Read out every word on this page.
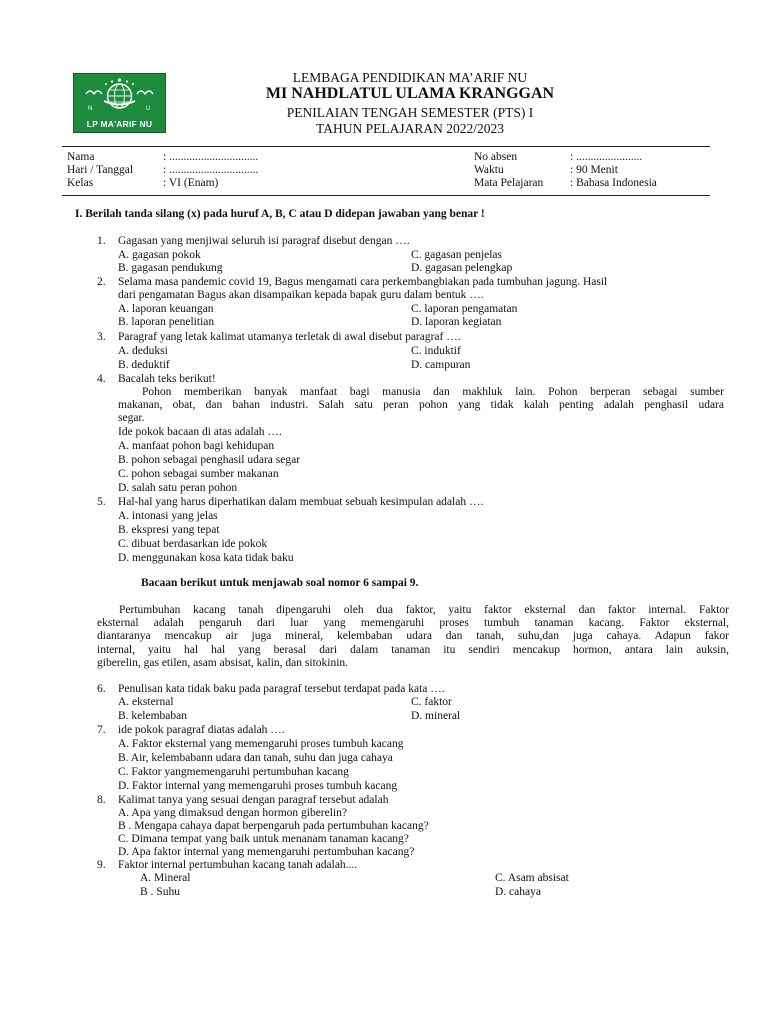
N	U
LP MA'ARIF NU
LEMBAGA PENDIDIKAN MA’ARIF NU
MI NAHDLATUL ULAMA KRANGGAN
PENILAIAN TENGAH SEMESTER (PTS) I
TAHUN PELAJARAN 2022/2023
Nama	: ...............................
Hari / Tanggal	: ...............................
Kelas	: VI (Enam)
No absen	: .......................
Waktu	: 90 Menit
Mata Pelajaran : Bahasa Indonesia
I. Berilah tanda silang (x) pada huruf A, B, C atau D didepan jawaban yang benar !
1. Gagasan yang menjiwai seluruh isi paragraf disebut dengan ….
A. gagasan pokok	C. gagasan penjelas
B. gagasan pendukung	D. gagasan pelengkap
2. Selama masa pandemic covid 19, Bagus mengamati cara perkembangbiakan pada tumbuhan jagung. Hasil
dari pengamatan Bagus akan disampaikan kepada bapak guru dalam bentuk ….
A. laporan keuangan	C. laporan pengamatan
B. laporan penelitian	D. laporan kegiatan
3. Paragraf yang letak kalimat utamanya terletak di awal disebut paragraf ….
A. deduksi	C. induktif
B. deduktif	D. campuran
4. Bacalah teks berikut!
Pohon memberikan banyak manfaat bagi manusia dan makhluk lain. Pohon berperan sebagai sumber
makanan, obat, dan bahan industri. Salah satu peran pohon yang tidak kalah penting adalah penghasil udara
segar.
Ide pokok bacaan di atas adalah ….
A. manfaat pohon bagi kehidupan
B. pohon sebagai penghasil udara segar
C. pohon sebagai sumber makanan
D. salah satu peran pohon
5. Hal-hal yang harus diperhatikan dalam membuat sebuah kesimpulan adalah ….
A. intonasi yang jelas
B. ekspresi yang tepat
C. dibuat berdasarkan ide pokok
D. menggunakan kosa kata tidak baku
Bacaan berikut untuk menjawab soal nomor 6 sampai 9.
Pertumbuhan kacang tanah dipengaruhi oleh dua faktor, yaitu faktor eksternal dan faktor internal. Faktor
eksternal adalah pengaruh dari luar yang memengaruhi proses tumbuh tanaman kacang. Faktor eksternal,
diantaranya mencakup air juga mineral, kelembaban udara dan tanah, suhu,dan juga cahaya. Adapun fakor
internal, yaitu hal hal yang berasal dari dalam tanaman itu sendiri mencakup hormon, antara lain auksin,
giberelin, gas etilen, asam absisat, kalin, dan sitokinin.
6. Penulisan kata tidak baku pada paragraf tersebut terdapat pada kata ….
A. eksternal	C. faktor
B. kelembaban	D. mineral
7. ide pokok paragraf diatas adalah ….
A. Faktor eksternal yang memengaruhi proses tumbuh kacang
B. Air, kelembabann udara dan tanah, suhu dan juga cahaya
C. Faktor yangmemengaruhi pertumbuhan kacang
D. Faktor internal yang memengaruhi proses tumbuh kacang
8. Kalimat tanya yang sesuai dengan paragraf tersebut adalah
A. Apa yang dimaksud dengan hormon giberelin?
B . Mengapa cahaya dapat berpengaruh pada pertumbuhan kacang?
C. Dimana tempat yang baik untuk menanam tanaman kacang?
D. Apa faktor internal yang memengaruhi pertumbuhan kacang?
9. Faktor internal pertumbuhan kacang tanah adalah....
A. Mineral	C. Asam absisat
B . Suhu	D. cahaya
